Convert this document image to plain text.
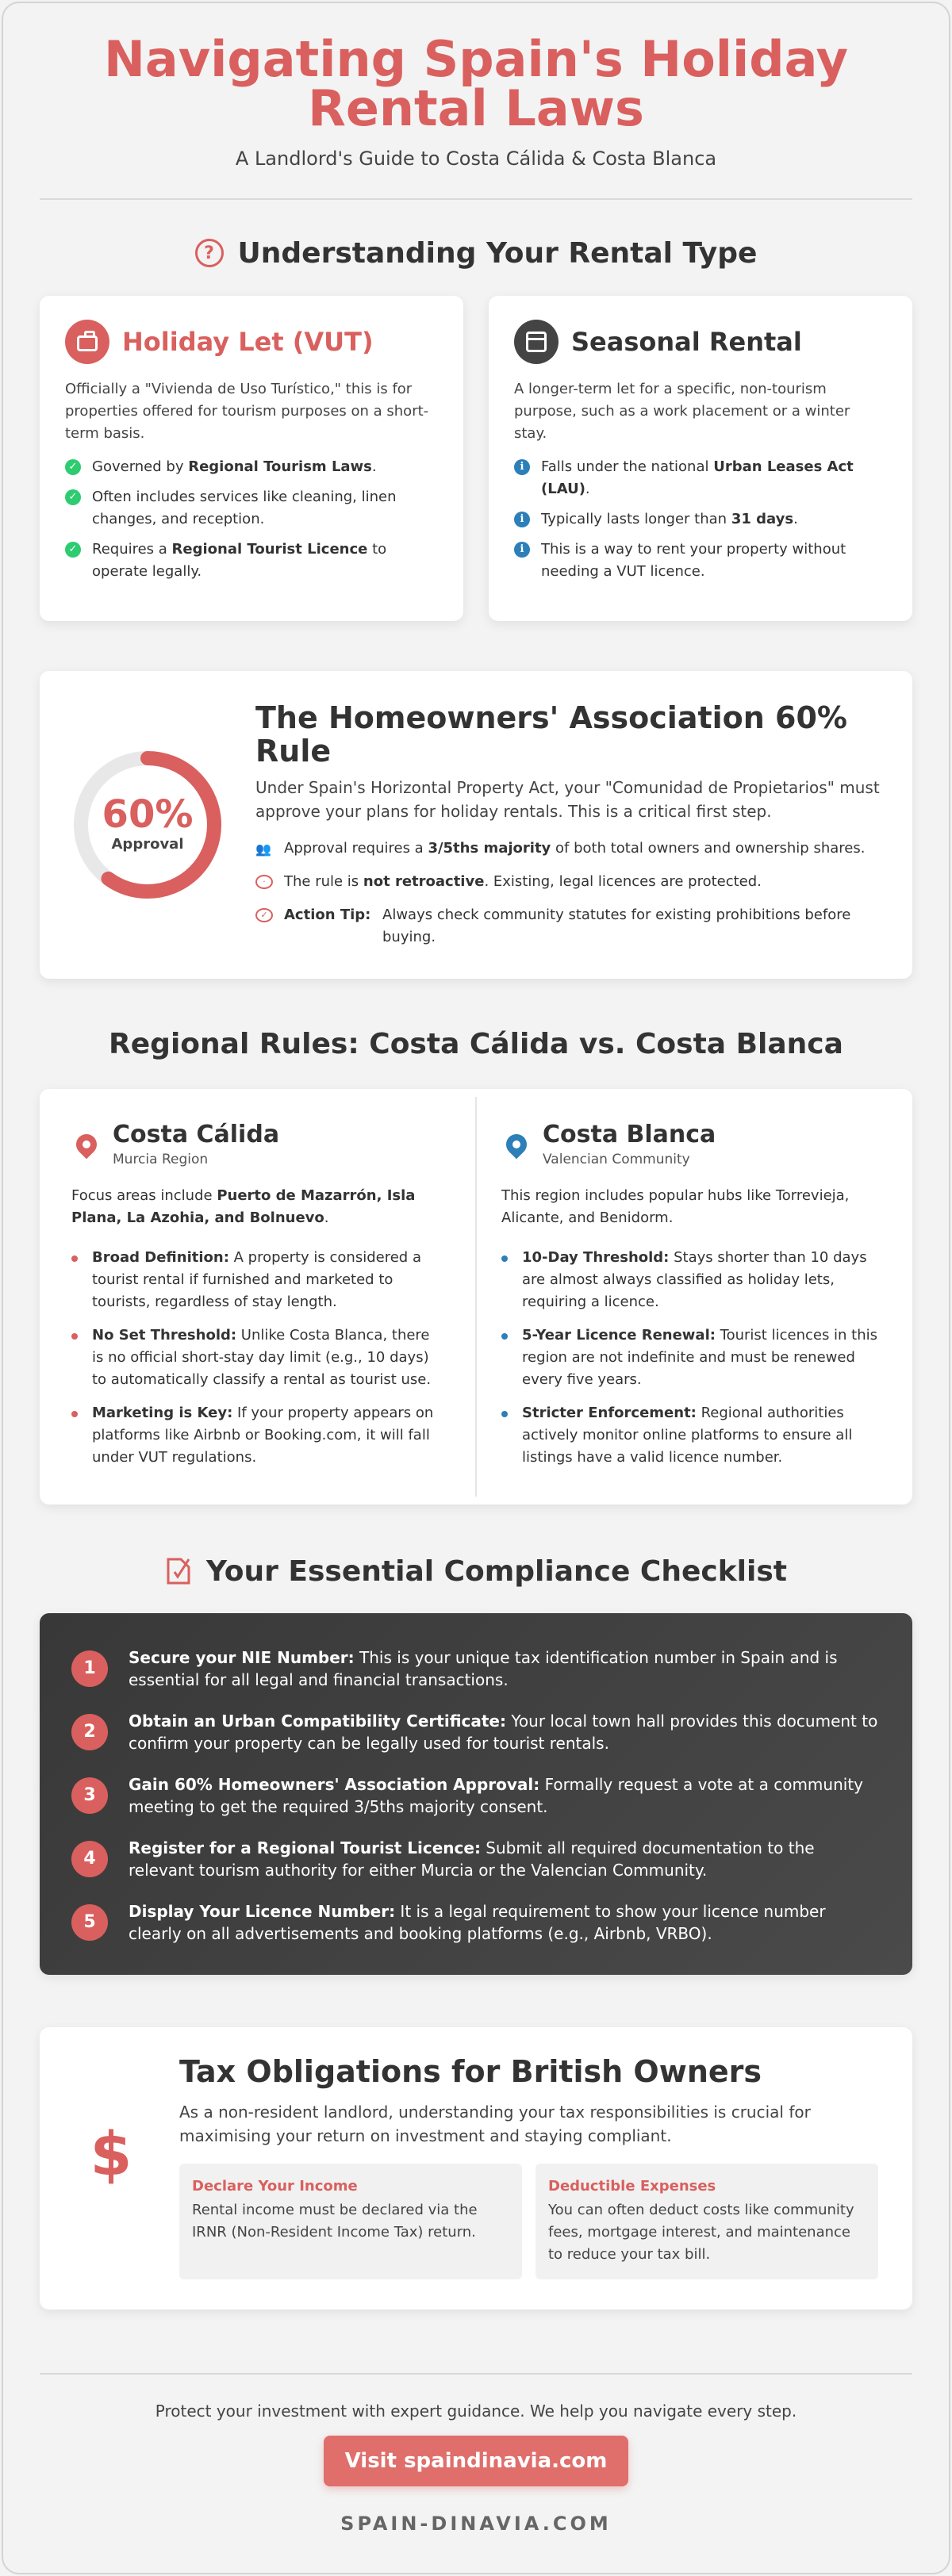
Navigating Spain's Holiday Rental Laws
A Landlord's Guide to Costa Cálida & Costa Blanca
? Understanding Your Rental Type
Holiday Let (VUT)

Officially a "Vivienda de Uso Turístico," this is for properties offered for tourism purposes on a short-term basis.

✓ Governed by Regional Tourism Laws.
✓ Often includes services like cleaning, linen changes, and reception.
✓ Requires a Regional Tourist Licence to operate legally.
Seasonal Rental

A longer-term let for a specific, non-tourism purpose, such as a work placement or a winter stay.

i	Falls under the national Urban Leases Act (LAU).
i	Typically lasts longer than 31 days.
i	This is a way to rent your property without needing a VUT licence.
60%
Approval
The Homeowners' Association 60% Rule

Under Spain's Horizontal Property Act, your "Comunidad de Propietarios" must approve your plans for holiday rentals. This is a critical first step.

👥 Approval requires a 3/5ths majority of both total owners and ownership shares.
·	The rule is not retroactive. Existing, legal licences are protected.
✓	Action Tip: Always check community statutes for existing prohibitions before buying.
Regional Rules: Costa Cálida vs. Costa Blanca
Costa Cálida
Murcia Region

Focus areas include Puerto de Mazarrón, Isla Plana, La Azohia, and Bolnuevo.

Broad Definition: A property is considered a tourist rental if furnished and marketed to tourists, regardless of stay length.
No Set Threshold: Unlike Costa Blanca, there is no official short-stay day limit (e.g., 10 days) to automatically classify a rental as tourist use.
Marketing is Key: If your property appears on platforms like Airbnb or Booking.com, it will fall under VUT regulations.
Costa Blanca
Valencian Community

This region includes popular hubs like Torrevieja, Alicante, and Benidorm.

10-Day Threshold: Stays shorter than 10 days are almost always classified as holiday lets, requiring a licence.
5-Year Licence Renewal: Tourist licences in this region are not indefinite and must be renewed every five years.
Stricter Enforcement: Regional authorities actively monitor online platforms to ensure all listings have a valid licence number.
Your Essential Compliance Checklist
1
Secure your NIE Number: This is your unique tax identification number in Spain and is essential for all legal and financial transactions.
2
Obtain an Urban Compatibility Certificate: Your local town hall provides this document to confirm your property can be legally used for tourist rentals.
3
Gain 60% Homeowners' Association Approval: Formally request a vote at a community meeting to get the required 3/5ths majority consent.
4
Register for a Regional Tourist Licence: Submit all required documentation to the relevant tourism authority for either Murcia or the Valencian Community.
5
Display Your Licence Number: It is a legal requirement to show your licence number clearly on all advertisements and booking platforms (e.g., Airbnb, VRBO).
$
Tax Obligations for British Owners

As a non-resident landlord, understanding your tax responsibilities is crucial for maximising your return on investment and staying compliant.

Declare Your Income

Rental income must be declared via the IRNR (Non-Resident Income Tax) return.

Deductible Expenses

You can often deduct costs like community fees, mortgage interest, and maintenance to reduce your tax bill.

Protect your investment with expert guidance. We help you navigate every step.
Visit spaindinavia.com
SPAIN-DINAVIA.COM
